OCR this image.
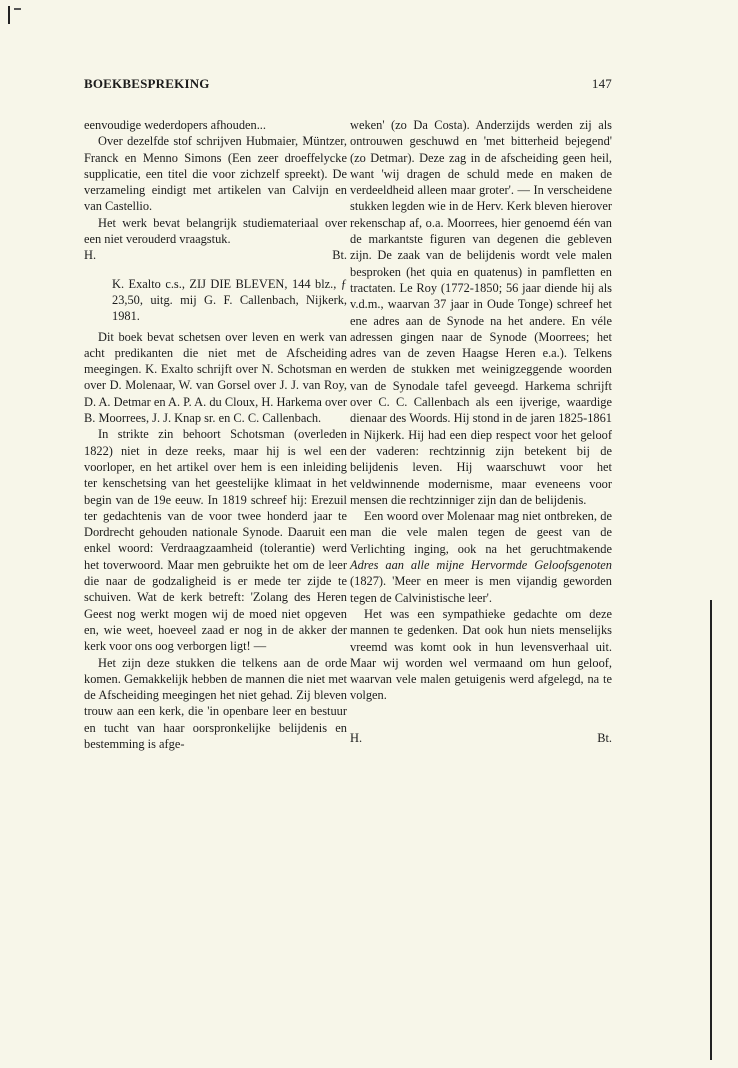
BOEKBESPREKING	147

eenvoudige wederdopers afhouden...

Over dezelfde stof schrijven Hubmaier, Müntzer, Franck en Menno Simons (Een zeer droeffelycke supplicatie, een titel die voor zichzelf spreekt). De verzameling eindigt met artikelen van Calvijn en van Castellio.

Het werk bevat belangrijk studiemateriaal over een niet verouderd vraagstuk.

H.	Bt.
K. Exalto c.s., ZIJ DIE BLEVEN, 144 blz., ƒ 23,50, uitg. mij G. F. Callenbach, Nijkerk, 1981.

Dit boek bevat schetsen over leven en werk van acht predikanten die niet met de Afscheiding meegingen. K. Exalto schrijft over N. Schotsman en over D. Molenaar, W. van Gorsel over J. J. van Roy, D. A. Detmar en A. P. A. du Cloux, H. Harkema over B. Moorrees, J. J. Knap sr. en C. C. Callenbach.

In strikte zin behoort Schotsman (overleden 1822) niet in deze reeks, maar hij is wel een voorloper, en het artikel over hem is een inleiding ter kenschetsing van het geestelijke klimaat in het begin van de 19e eeuw. In 1819 schreef hij: Erezuil ter gedachtenis van de voor twee honderd jaar te Dordrecht gehouden nationale Synode. Daaruit een enkel woord: Verdraagzaamheid (tolerantie) werd het toverwoord. Maar men gebruikte het om de leer die naar de godzaligheid is er mede ter zijde te schuiven. Wat de kerk betreft: 'Zolang des Heren Geest nog werkt mogen wij de moed niet opgeven en, wie weet, hoeveel zaad er nog in de akker der kerk voor ons oog verborgen ligt! —

Het zijn deze stukken die telkens aan de orde komen. Gemakkelijk hebben de mannen die niet met de Afscheiding meegingen het niet gehad. Zij bleven trouw aan een kerk, die 'in openbare leer en bestuur en tucht van haar oorspronkelijke belijdenis en bestemming is afge-

weken' (zo Da Costa). Anderzijds werden zij als ontrouwen geschuwd en 'met bitterheid bejegend' (zo Detmar). Deze zag in de afscheiding geen heil, want 'wij dragen de schuld mede en maken de verdeeldheid alleen maar groter'. — In verscheidene stukken legden wie in de Herv. Kerk bleven hierover rekenschap af, o.a. Moorrees, hier genoemd één van de markantste figuren van degenen die gebleven zijn. De zaak van de belijdenis wordt vele malen besproken (het quia en quatenus) in pamfletten en tractaten. Le Roy (1772-1850; 56 jaar diende hij als v.d.m., waarvan 37 jaar in Oude Tonge) schreef het ene adres aan de Synode na het andere. En véle adressen gingen naar de Synode (Moorrees; het adres van de zeven Haagse Heren e.a.). Telkens werden de stukken met weinigzeggende woorden van de Synodale tafel geveegd. Harkema schrijft over C. C. Callenbach als een ijverige, waardige dienaar des Woords. Hij stond in de jaren 1825-1861 in Nijkerk. Hij had een diep respect voor het geloof der vaderen: rechtzinnig zijn betekent bij de belijdenis leven. Hij waarschuwt voor het veldwinnende modernisme, maar eveneens voor mensen die rechtzinniger zijn dan de belijdenis.

Een woord over Molenaar mag niet ontbreken, de man die vele malen tegen de geest van de Verlichting inging, ook na het geruchtmakende Adres aan alle mijne Hervormde Geloofsgenoten (1827). 'Meer en meer is men vijandig geworden tegen de Calvinistische leer'.

Het was een sympathieke gedachte om deze mannen te gedenken. Dat ook hun niets menselijks vreemd was komt ook in hun levensverhaal uit. Maar wij worden wel vermaand om hun geloof, waarvan vele malen getuigenis werd afgelegd, na te volgen.

H.	Bt.
